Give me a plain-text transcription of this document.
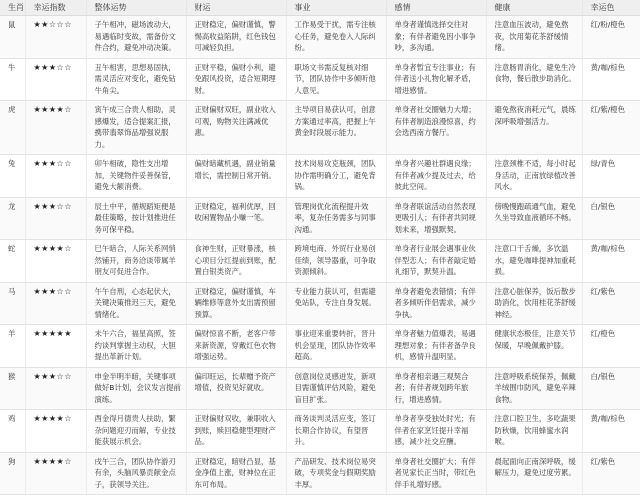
生肖	幸运指数	整体运势	财运	事业	感情	健康	幸运色
鼠	★★☆☆☆	子午相冲，磁场波动大，易遇临时变故，需备份文件合约，避免冲动决策。	正财稳定，偏财谨慎，警惕高收益陷阱，红色钱包可减轻负担。	工作易受干扰，需专注核心任务，避免卷入人际纠纷。	单身者谨慎选择交往对象；有伴者避免因小事争吵，多沟通。	注意血压波动，避免熬夜，饮用菊花茶舒缓情绪。	红/粉/橙色
牛	★★★☆☆	丑午相害，思想易固执，需灵活应对变化，避免钻牛角尖。	正财平稳，偏财小利，避免跟风投资，适合短期理财。	职场文书需反复核对细节，团队协作中多倾听他人意见。	单身者暂宜专注事业；有伴者送小礼物化解矛盾，增进感情。	注意肠胃消化，避免生冷食物，餐后散步助消化。	黄/咖/棕色
虎	★★★★☆	寅午成三合贵人相助，灵感爆发，适合提案汇报，携带翡翠饰品增强说服力。	正财偏财双旺，副业收入可观，购物关注满减优惠。	主导项目易获认可，创意方案通过率高，把握上午黄金时段展示能力。	单身者社交圈魅力大增；有伴者制造浪漫惊喜，约会选西南方餐厅。	避免熬夜消耗元气，晨练深呼吸增强活力。	红/紫/橙色
兔	★★★☆☆	卯午相破，隐性支出增加，关键物件妥善保管，避免大额消费。	偏财暗藏机遇，副业销量增长，需控制日常开销。	技术岗易攻克瓶颈，团队协作需明确分工，避免背锅。	单身者兴趣社群遇良缘；有伴者减少提及过去，给彼此空间。	注意颈椎不适，每小时起身活动，正南放绿植改善风水。	绿/青色
龙	★★★☆☆	辰土中平，循规蹈矩便是最佳策略，按计划推进任务可保平稳。	正财稳定，福利优厚，回收闲置物品小赚一笔。	管理岗优化流程提升效率，复杂任务需多与同事沟通。	单身者联谊活动自然表现更吸引人；有伴者共同规划未来，增强默契。	傍晚慢跑疏通气血，避免久坐导致血液循环不畅。	白/银色
蛇	★★★★☆	巳午暗合，人际关系网悄然铺开，商务洽谈带属羊朋友可促进合作。	食神生财，正财暴涨，核心项目分红提前到账，配置白银类资产。	跨境电商、外贸行业易创佳绩，领导器重，可争取资源倾斜。	单身者行业展会遇事业伙伴型恋人；有伴者敲定婚礼细节，默契升温。	注意口干舌燥，多饮温水，避免咖啡提神加重耗损。	黄/咖/棕色
马	★★★☆☆	午午自刑，心态起伏大，关键决策推迟三天，避免情绪化。	正财稳定，偏财谨慎，车辆维修等意外支出需预留预算。	专业能力获认可，但需避免站队，专注自身发展。	单身者避免表错情；有伴者多倾听伴侣需求，减少争执。	注意心脏保养，饭后散步助消化，饮用桂花茶舒缓神经。	红/紫色
羊	★★★★★	未午六合，福星高照，签约谈判掌握主动权，大胆提出革新计划。	偏财惊喜不断，老客户带来新资源，穿戴红色衣物增强运势。	事业迎来重要转折，晋升机会显现，团队协作效率超高。	单身者魅力值爆表，易遇理想对象；有伴者备孕良机，感情升温明显。	健康状态极佳，注意关节保暖，早晚佩戴护膝。	红/橙色
猴	★★★☆☆	申金半明半暗，关键事项做好B计划，会议发言提前演练。	偏印旺运，长辈赠予资产增值，投资见好就收。	创意岗位灵感迸发，新项目需谨慎评估风险，避免盲目扩张。	单身者相亲遇三观契合者；有伴者规划跨年旅行，增进感情。	注意呼吸系统保养，佩戴羊绒围巾防风，避免辛辣食物。	白/银色
鸡	★★★★☆	酉金得月德贵人扶助，繁杂问题迎刃而解，专业技能获展示机会。	正财偏财双收，兼职收入到账，赎回稳健型理财产品。	商务谈判灵活应变，签订长期合作协议，有望晋升。	单身者享受独处时光；有伴者在家烹饪提升幸福感，减少社交应酬。	注意口腔卫生，多吃蔬果防秋燥，饮用蜂蜜水润喉。	黄/咖/棕色
狗	★★★★☆	戌午三合，团队协作游刃有余，头脑风暴贡献金点子，获领导关注。	正财稳定，暗财凸显，基金净值上涨，财神位在正东可布局。	产品研发、技术岗位易突破，专项奖金与假期奖励丰厚。	单身者社交圈扩大；有伴者见家长正当时，带红色伴手礼增好感。	晨起面向正南深呼吸，缓解压力，避免过度劳累。	红/紫色
